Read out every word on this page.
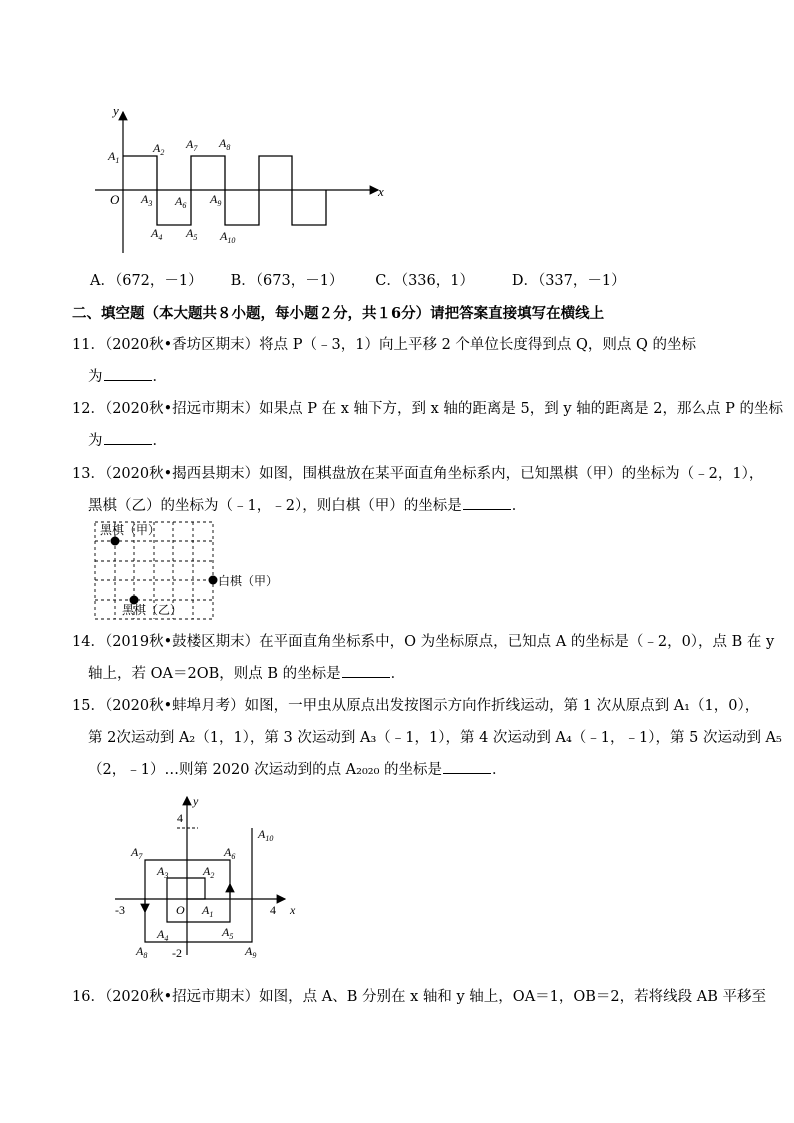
y
x
O
$A_1$
$A_2$
$A_3$
$A_4$ $A_5$
$A_6$
$A_7$ $A_8$
$A_9$
$A_{10}$
A．（672，－1） B．（673，－1） C．（336，1）	D．（337，－1）
二、填空题（本大题共８小题，每小题２分，共１6分）请把答案直接填写在横线上
11．（2020秋•香坊区期末）将点 P（﹣3，1）向上平移 2 个单位长度得到点 Q，则点 Q 的坐标
为	．
12．（2020秋•招远市期末）如果点 P 在 x 轴下方，到 x 轴的距离是 5，到 y 轴的距离是 2，那么点 P 的坐标
为	．
13．（2020秋•揭西县期末）如图，围棋盘放在某平面直角坐标系内，已知黑棋（甲）的坐标为（﹣2，1），
黑棋（乙）的坐标为（﹣1，﹣2），则白棋（甲）的坐标是	．
黑棋（甲）
白棋（甲）
黑棋（乙）
14．（2019秋•鼓楼区期末）在平面直角坐标系中，O 为坐标原点，已知点 A 的坐标是（﹣2，0），点 B 在 y
轴上，若 OA＝2OB，则点 B 的坐标是	．
15．（2020秋•蚌埠月考）如图，一甲虫从原点出发按图示方向作折线运动，第 1 次从原点到 A₁（1，0），
第 2次运动到 A₂（1，1），第 3 次运动到 A₃（﹣1，1），第 4 次运动到 A₄（﹣1，﹣1），第 5 次运动到 A₅
（2，﹣1）…则第 2020 次运动到的点 A₂₀₂₀ 的坐标是	．
y
x
O
-3	4
4
-2
$A_1$
$A_2$
$A_3$
$A_4$	$A_5$
$A_6$
$A_7$
$A_8$	$A_9$
$A_{10}$
16．（2020秋•招远市期末）如图，点 A、B 分别在 x 轴和 y 轴上，OA＝1，OB＝2，若将线段 AB 平移至
